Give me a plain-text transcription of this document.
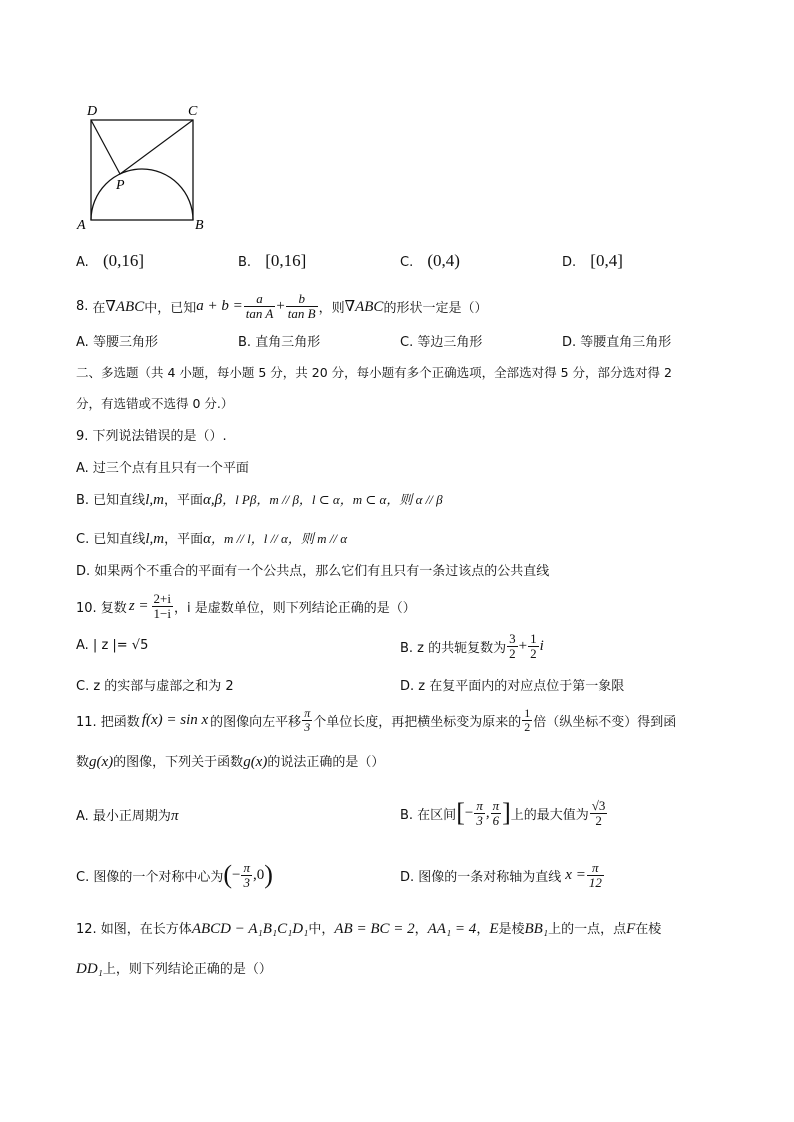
D	C
P
A	B
A. (0,16]	B. [0,16]	C. (0,4)	D. [0,4]
8. 在 ∇ABC 中，已知 $a + b = \frac{a}{\text{tan A}} + \frac{b}{\text{tan B}}$ ，则 ∇ABC 的形状一定是（）
A. 等腰三角形	B. 直角三角形	C. 等边三角形	D. 等腰直角三角形
二、多选题（共 4 小题，每小题 5 分，共 20 分，每小题有多个正确选项，全部选对得 5 分，部分选对得 2
分，有选错或不选得 0 分.）
9. 下列说法错误的是（）.
A. 过三个点有且只有一个平面
B. 已知直线l,m，平面α,β，l Pβ，m // β，l ⊂ α，m ⊂ α，则 α // β
C. 已知直线l,m，平面α，m // l，l // α，则 m // α
D. 如果两个不重合的平面有一个公共点，那么它们有且只有一条过该点的公共直线
10. 复数 $z = \frac{2+i}{1-i}$ ，i 是虚数单位，则下列结论正确的是（）
A. | z |= √5	B. z 的共轭复数为 $\frac{3}{2} + \frac{1}{2}$ i
C. z 的实部与虚部之和为 2	D. z 在复平面内的对应点位于第一象限
11. 把函数 f(x) = sin x 的图像向左平移 $\frac{\pi}{3}$ 个单位长度，再把横坐标变为原来的 $\frac{1}{2}$ 倍（纵坐标不变）得到函
数g(x)的图像，下列关于函数g(x)的说法正确的是（）
A. 最小正周期为π	B. 在区间 [ − $\frac{\pi}{3}$ , $\frac{\pi}{6}$ ] 上的最大值为 $\frac{√3}{2}$
C. 图像的一个对称中心为 ( − $\frac{\pi}{3} ,0$ )	D. 图像的一条对称轴为直线 $x = \frac{\pi}{12}$
12. 如图，在长方体ABCD − A₁B₁C₁D₁中，AB = BC = 2，AA₁ = 4，E是棱BB₁上的一点，点F在棱
DD₁上，则下列结论正确的是（）
